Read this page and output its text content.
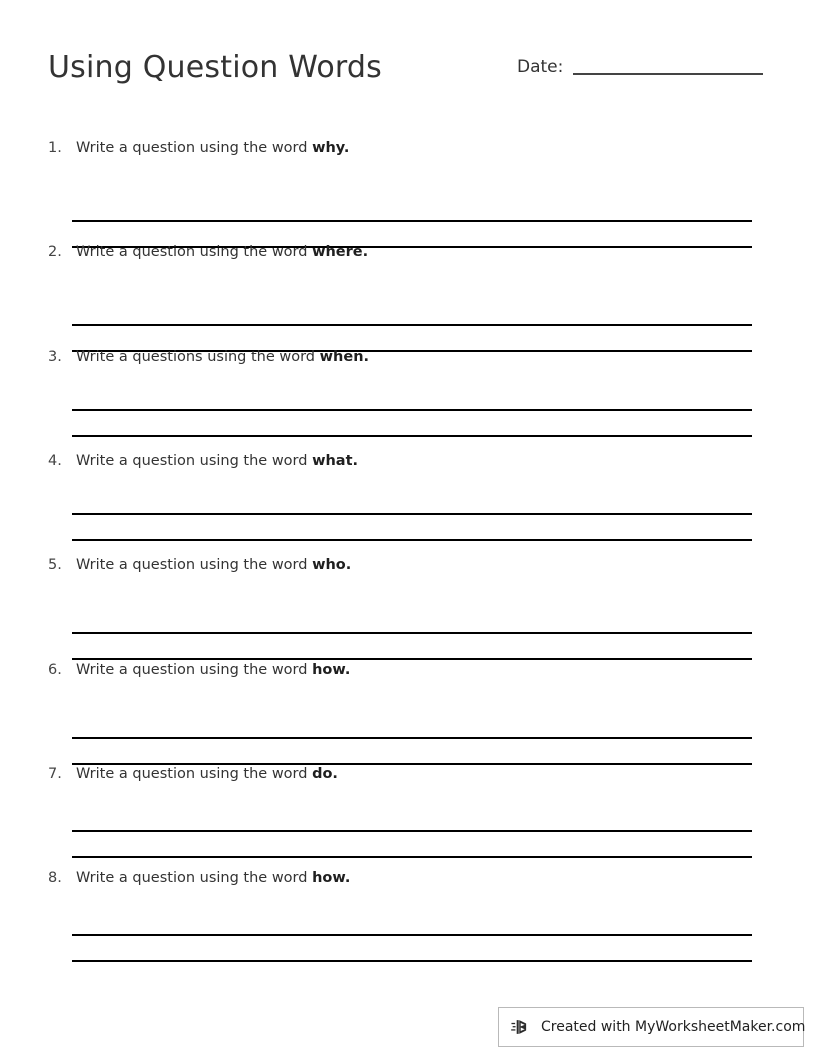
Using Question Words	Date:
1. Write a question using the word why.
2. Write a question using the word where.
3. Write a questions using the word when.
4. Write a question using the word what.
5. Write a question using the word who.
6. Write a question using the word how.
7. Write a question using the word do.
8. Write a question using the word how.
Created with MyWorksheetMaker.com
